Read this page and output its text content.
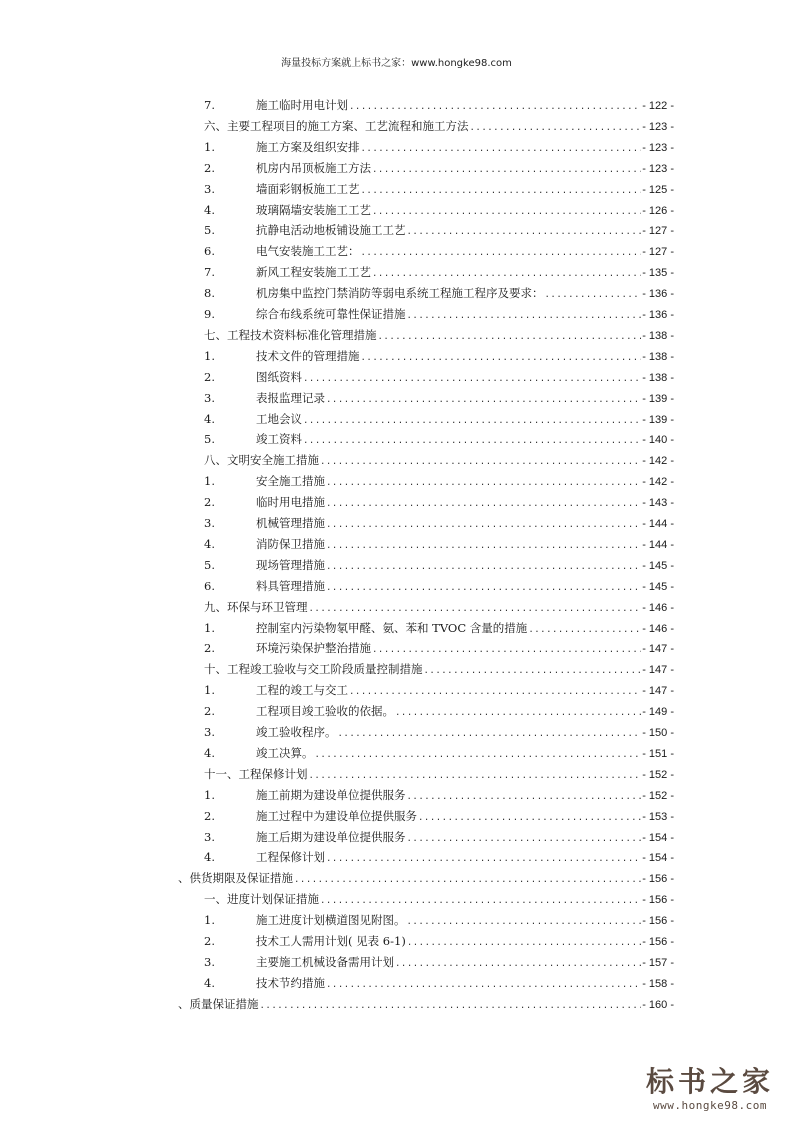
海量投标方案就上标书之家：www.hongke98.com
7.	施工临时用电计划 .....	- 122 -
六、主要工程项目的施工方案、工艺流程和施工方法 .....	- 123 -
1.	施工方案及组织安排 .....	- 123 -
2.	机房内吊顶板施工方法 .....	- 123 -
3.	墙面彩钢板施工工艺 .....	- 125 -
4.	玻璃隔墙安装施工工艺 .....	- 126 -
5.	抗静电活动地板铺设施工工艺 .....	- 127 -
6.	电气安装施工工艺： .....	- 127 -
7.	新风工程安装施工工艺 .....	- 135 -
8.	机房集中监控门禁消防等弱电系统工程施工程序及要求： .....	- 136 -
9.	综合布线系统可靠性保证措施 .....	- 136 -
七、工程技术资料标准化管理措施 .....	- 138 -
1.	技术文件的管理措施 .....	- 138 -
2.	图纸资料 .....	- 138 -
3.	表报监理记录 .....	- 139 -
4.	工地会议 .....	- 139 -
5.	竣工资料 .....	- 140 -
八、文明安全施工措施 .....	- 142 -
1.	安全施工措施 .....	- 142 -
2.	临时用电措施 .....	- 143 -
3.	机械管理措施 .....	- 144 -
4.	消防保卫措施 .....	- 144 -
5.	现场管理措施 .....	- 145 -
6.	料具管理措施 .....	- 145 -
九、环保与环卫管理 .....	- 146 -
1.	控制室内污染物氡甲醛、氨、苯和 TVOC 含量的措施 .....	- 146 -
2.	环境污染保护整治措施 .....	- 147 -
十、工程竣工验收与交工阶段质量控制措施 .....	- 147 -
1.	工程的竣工与交工 .....	- 147 -
2.	工程项目竣工验收的依据。 .....	- 149 -
3.	竣工验收程序。 .....	- 150 -
4.	竣工决算。 .....	- 151 -
十一、工程保修计划 .....	- 152 -
1.	施工前期为建设单位提供服务 .....	- 152 -
2.	施工过程中为建设单位提供服务 .....	- 153 -
3.	施工后期为建设单位提供服务 .....	- 154 -
4.	工程保修计划 .....	- 154 -
、供货期限及保证措施 .....	- 156 -
一、进度计划保证措施 .....	- 156 -
1.	施工进度计划横道图见附图。 .....	- 156 -
2.	技术工人需用计划( 见表 6-1) .....	- 156 -
3.	主要施工机械设备需用计划 .....	- 157 -
4.	技术节约措施 .....	- 158 -
、质量保证措施 .....	- 160 -
标书之家
www.hongke98.com
